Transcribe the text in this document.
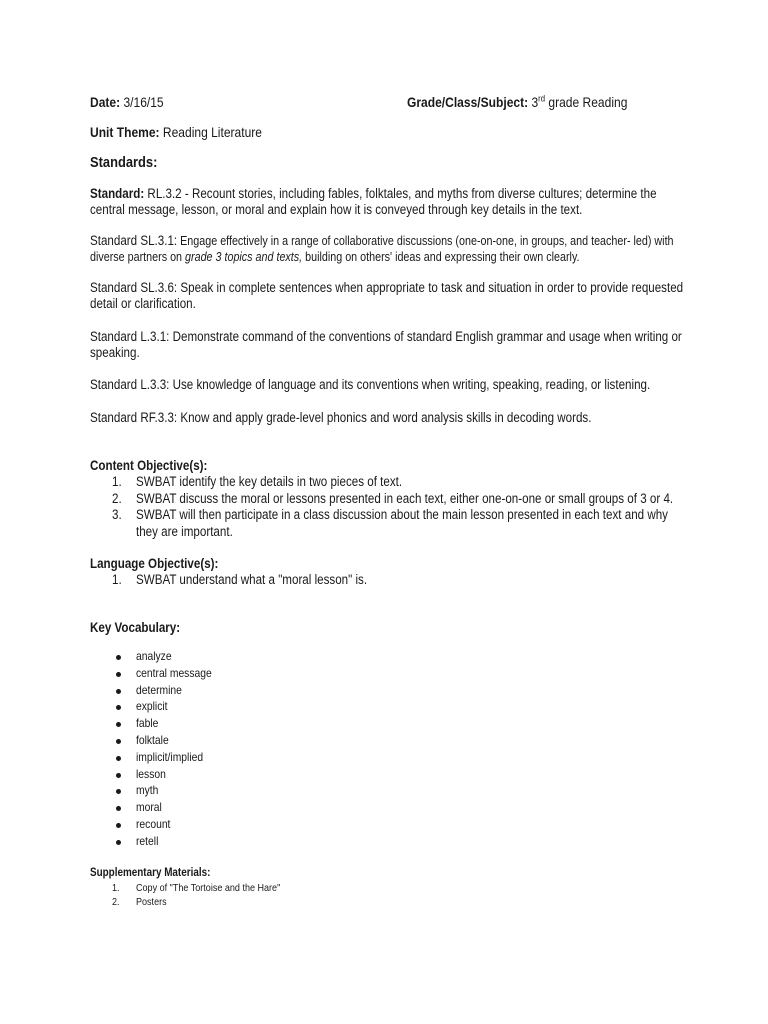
Date: 3/16/15	Grade/Class/Subject: 3rd grade Reading
Unit Theme: Reading Literature
Standards:
Standard: RL.3.2 - Recount stories, including fables, folktales, and myths from diverse cultures; determine the
central message, lesson, or moral and explain how it is conveyed through key details in the text.
Standard SL.3.1: Engage effectively in a range of collaborative discussions (one-on-one, in groups, and teacher- led) with
diverse partners on grade 3 topics and texts, building on others' ideas and expressing their own clearly.
Standard SL.3.6: Speak in complete sentences when appropriate to task and situation in order to provide requested
detail or clarification.
Standard L.3.1: Demonstrate command of the conventions of standard English grammar and usage when writing or
speaking.
Standard L.3.3: Use knowledge of language and its conventions when writing, speaking, reading, or listening.
Standard RF.3.3: Know and apply grade-level phonics and word analysis skills in decoding words.
Content Objective(s):
1. SWBAT identify the key details in two pieces of text.
2. SWBAT discuss the moral or lessons presented in each text, either one-on-one or small groups of 3 or 4.
3. SWBAT will then participate in a class discussion about the main lesson presented in each text and why
they are important.
Language Objective(s):
1. SWBAT understand what a "moral lesson" is.
Key Vocabulary:
analyze
central message
determine
explicit
fable
folktale
implicit/implied
lesson
myth
moral
recount
retell
Supplementary Materials:
1. Copy of "The Tortoise and the Hare"
2. Posters
